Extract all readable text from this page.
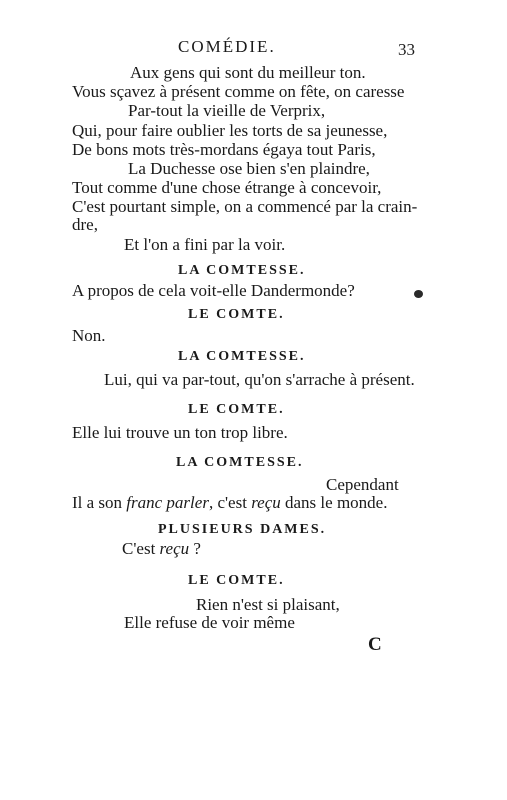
COMÉDIE.	33
Aux gens qui sont du meilleur ton.
Vous sçavez à présent comme on fête, on caresse
Par-tout la vieille de Verprix,
Qui, pour faire oublier les torts de sa jeunesse,
De bons mots très-mordans égaya tout Paris,
La Duchesse ose bien s'en plaindre,
Tout comme d'une chose étrange à concevoir,
C'est pourtant simple, on a commencé par la crain-
dre,
Et l'on a fini par la voir.
LA COMTESSE.
A propos de cela voit-elle Dandermonde?
LE COMTE.
Non.
LA COMTESSE.
Lui, qui va par-tout, qu'on s'arrache à présent.
LE COMTE.
Elle lui trouve un ton trop libre.
LA COMTESSE.
Cependant
Il a son franc parler, c'est reçu dans le monde.
PLUSIEURS DAMES.
C'est reçu ?
LE COMTE.
Rien n'est si plaisant,
Elle refuse de voir même
C
